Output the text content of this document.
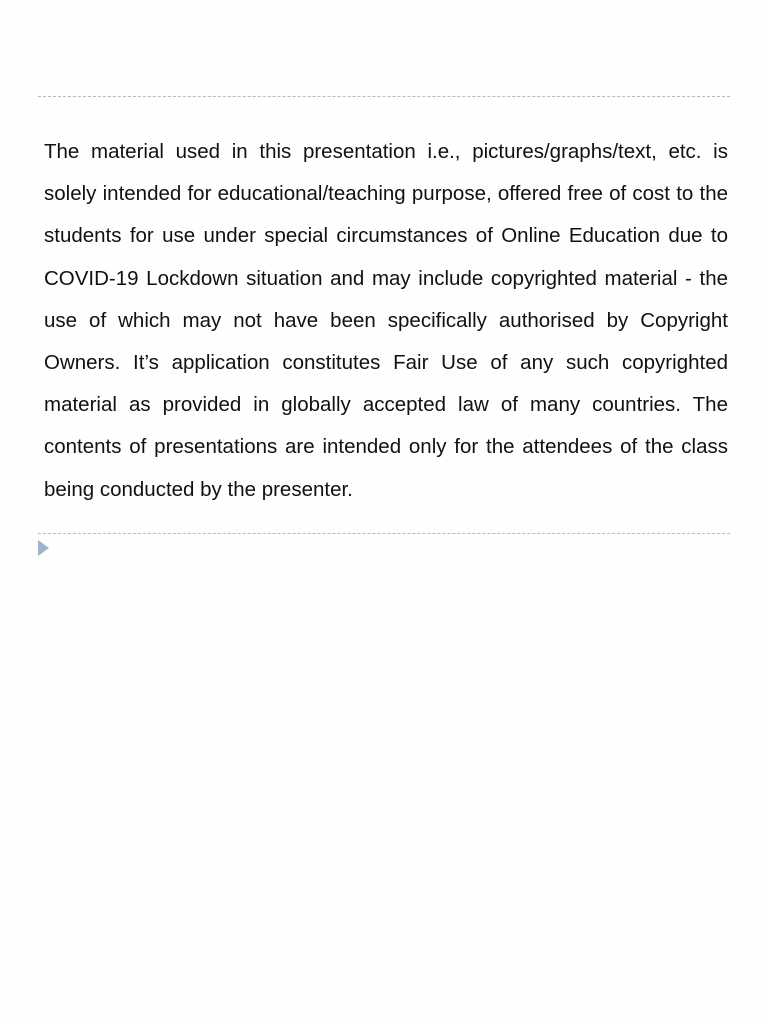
The material used in this presentation i.e., pictures/graphs/text, etc. is solely intended for educational/teaching purpose, offered free of cost to the students for use under special circumstances of Online Education due to COVID-19 Lockdown situation and may include copyrighted material - the use of which may not have been specifically authorised by Copyright Owners. It’s application constitutes Fair Use of any such copyrighted material as provided in globally accepted law of many countries. The contents of presentations are intended only for the attendees of the class being conducted by the presenter.
